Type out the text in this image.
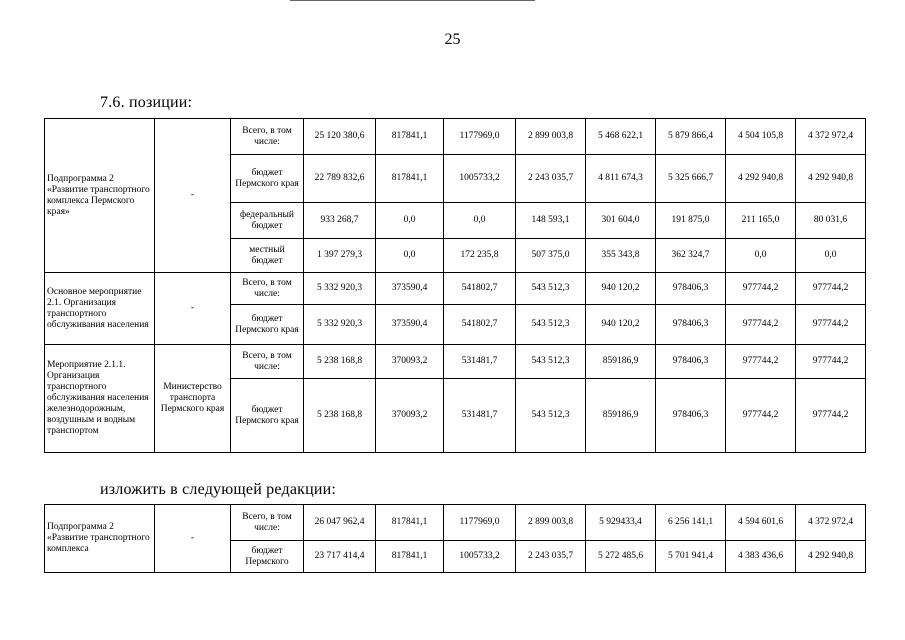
25
7.6. позиции:
Подпрограмма 2 «Развитие транспортного комплекса Пермского края»	-	Всего, в том числе:	25 120 380,6	817841,1	1177969,0	2 899 003,8	5 468 622,1	5 879 866,4	4 504 105,8	4 372 972,4
		бюджет Пермского края	22 789 832,6	817841,1	1005733,2	2 243 035,7	4 811 674,3	5 325 666,7	4 292 940,8	4 292 940,8
		федеральный бюджет	933 268,7	0,0	0,0	148 593,1	301 604,0	191 875,0	211 165,0	80 031,6
		местный бюджет	1 397 279,3	0,0	172 235,8	507 375,0	355 343,8	362 324,7	0,0	0,0
Основное мероприятие 2.1. Организация транспортного обслуживания населения	-	Всего, в том числе:	5 332 920,3	373590,4	541802,7	543 512,3	940 120,2	978406,3	977744,2	977744,2
		бюджет Пермского края	5 332 920,3	373590,4	541802,7	543 512,3	940 120,2	978406,3	977744,2	977744,2
Мероприятие 2.1.1. Организация транспортного обслуживания населения железнодорожным, воздушным и водным транспортом	Министерство транспорта Пермского края	Всего, в том числе:	5 238 168,8	370093,2	531481,7	543 512,3	859186,9	978406,3	977744,2	977744,2
		бюджет Пермского края	5 238 168,8	370093,2	531481,7	543 512,3	859186,9	978406,3	977744,2	977744,2
изложить в следующей редакции:
Подпрограмма 2 «Развитие транспортного комплекса	-	Всего, в том числе:	26 047 962,4	817841,1	1177969,0	2 899 003,8	5 929433,4	6 256 141,1	4 594 601,6	4 372 972,4
		бюджет Пермского	23 717 414,4	817841,1	1005733,2	2 243 035,7	5 272 485,6	5 701 941,4	4 383 436,6	4 292 940,8
